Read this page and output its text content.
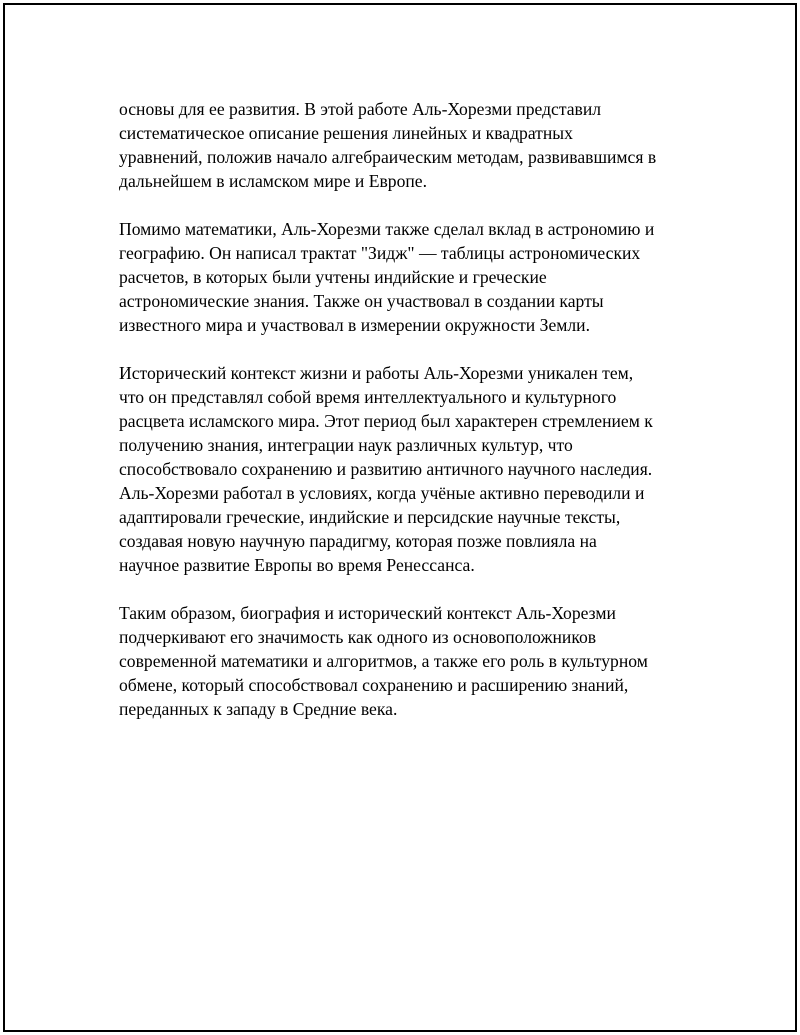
основы для ее развития. В этой работе Аль-Хорезми представил
систематическое описание решения линейных и квадратных
уравнений, положив начало алгебраическим методам, развивавшимся в
дальнейшем в исламском мире и Европе.

Помимо математики, Аль-Хорезми также сделал вклад в астрономию и
географию. Он написал трактат "Зидж" — таблицы астрономических
расчетов, в которых были учтены индийские и греческие
астрономические знания. Также он участвовал в создании карты
известного мира и участвовал в измерении окружности Земли.

Исторический контекст жизни и работы Аль-Хорезми уникален тем,
что он представлял собой время интеллектуального и культурного
расцвета исламского мира. Этот период был характерен стремлением к
получению знания, интеграции наук различных культур, что
способствовало сохранению и развитию античного научного наследия.
Аль-Хорезми работал в условиях, когда учёные активно переводили и
адаптировали греческие, индийские и персидские научные тексты,
создавая новую научную парадигму, которая позже повлияла на
научное развитие Европы во время Ренессанса.

Таким образом, биография и исторический контекст Аль-Хорезми
подчеркивают его значимость как одного из основоположников
современной математики и алгоритмов, а также его роль в культурном
обмене, который способствовал сохранению и расширению знаний,
переданных к западу в Средние века.
